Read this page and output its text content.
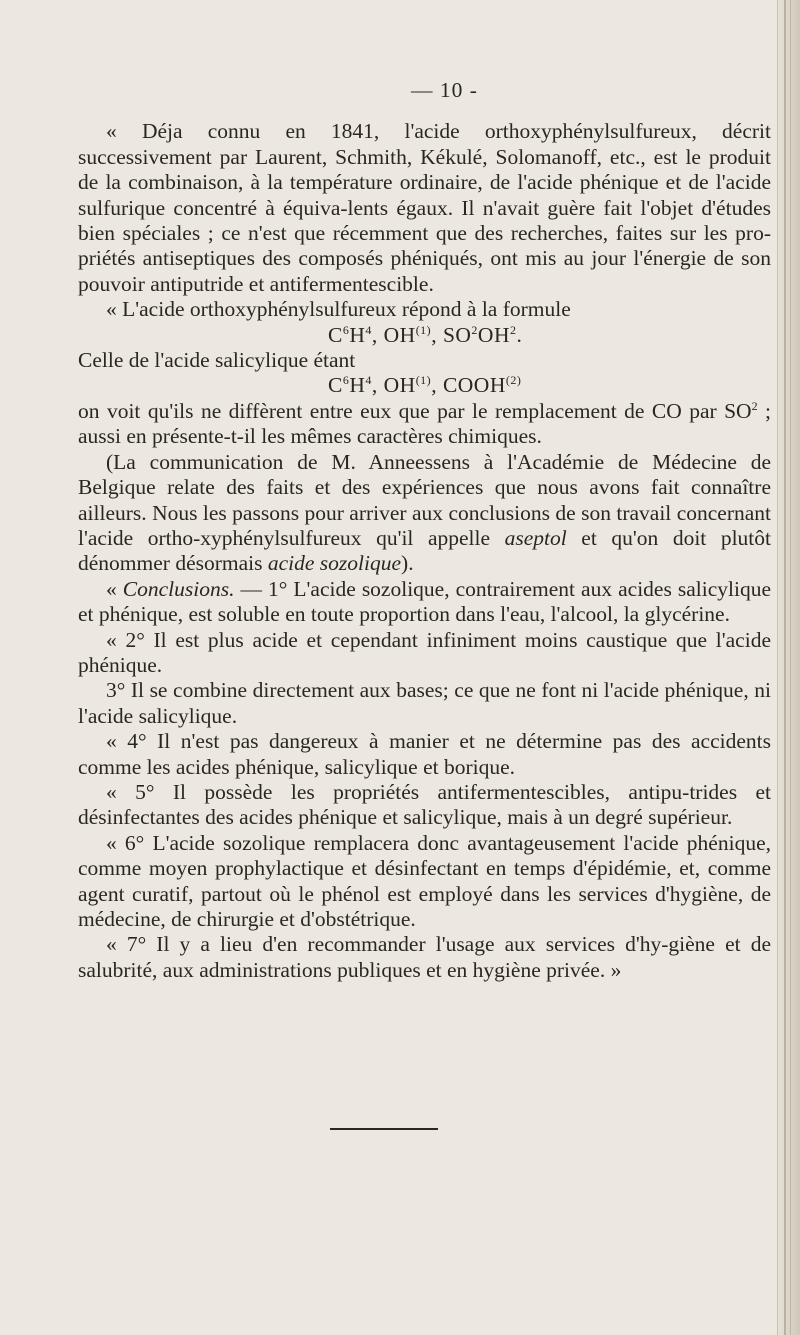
— 10 -

« Déja connu en 1841, l'acide orthoxyphénylsulfureux, décrit successivement par Laurent, Schmith, Kékulé, Solomanoff, etc., est le produit de la combinaison, à la température ordinaire, de l'acide phénique et de l'acide sulfurique concentré à équiva-lents égaux. Il n'avait guère fait l'objet d'études bien spéciales ; ce n'est que récemment que des recherches, faites sur les pro-priétés antiseptiques des composés phéniqués, ont mis au jour l'énergie de son pouvoir antiputride et antifermentescible.

« L'acide orthoxyphénylsulfureux répond à la formule

$C^6H^4$, OH$^{(1)}$, $SO^2OH^2$.

Celle de l'acide salicylique étant

$C^6H^4$, OH$^{(1)}$, COOH$^{(2)}$

on voit qu'ils ne diffèrent entre eux que par le remplacement de CO par $SO^2$ ; aussi en présente-t-il les mêmes caractères chimiques.

(La communication de M. Anneessens à l'Académie de Médecine de Belgique relate des faits et des expériences que nous avons fait connaître ailleurs. Nous les passons pour arriver aux conclusions de son travail concernant l'acide ortho-xyphénylsulfureux qu'il appelle aseptol et qu'on doit plutôt dénommer désormais acide sozolique).

« Conclusions. — 1° L'acide sozolique, contrairement aux acides salicylique et phénique, est soluble en toute proportion dans l'eau, l'alcool, la glycérine.

« 2° Il est plus acide et cependant infiniment moins caustique que l'acide phénique.

3° Il se combine directement aux bases; ce que ne font ni l'acide phénique, ni l'acide salicylique.

« 4° Il n'est pas dangereux à manier et ne détermine pas des accidents comme les acides phénique, salicylique et borique.

« 5° Il possède les propriétés antifermentescibles, antipu-trides et désinfectantes des acides phénique et salicylique, mais à un degré supérieur.

« 6° L'acide sozolique remplacera donc avantageusement l'acide phénique, comme moyen prophylactique et désinfectant en temps d'épidémie, et, comme agent curatif, partout où le phénol est employé dans les services d'hygiène, de médecine, de chirurgie et d'obstétrique.

« 7° Il y a lieu d'en recommander l'usage aux services d'hy-giène et de salubrité, aux administrations publiques et en hygiène privée. »
